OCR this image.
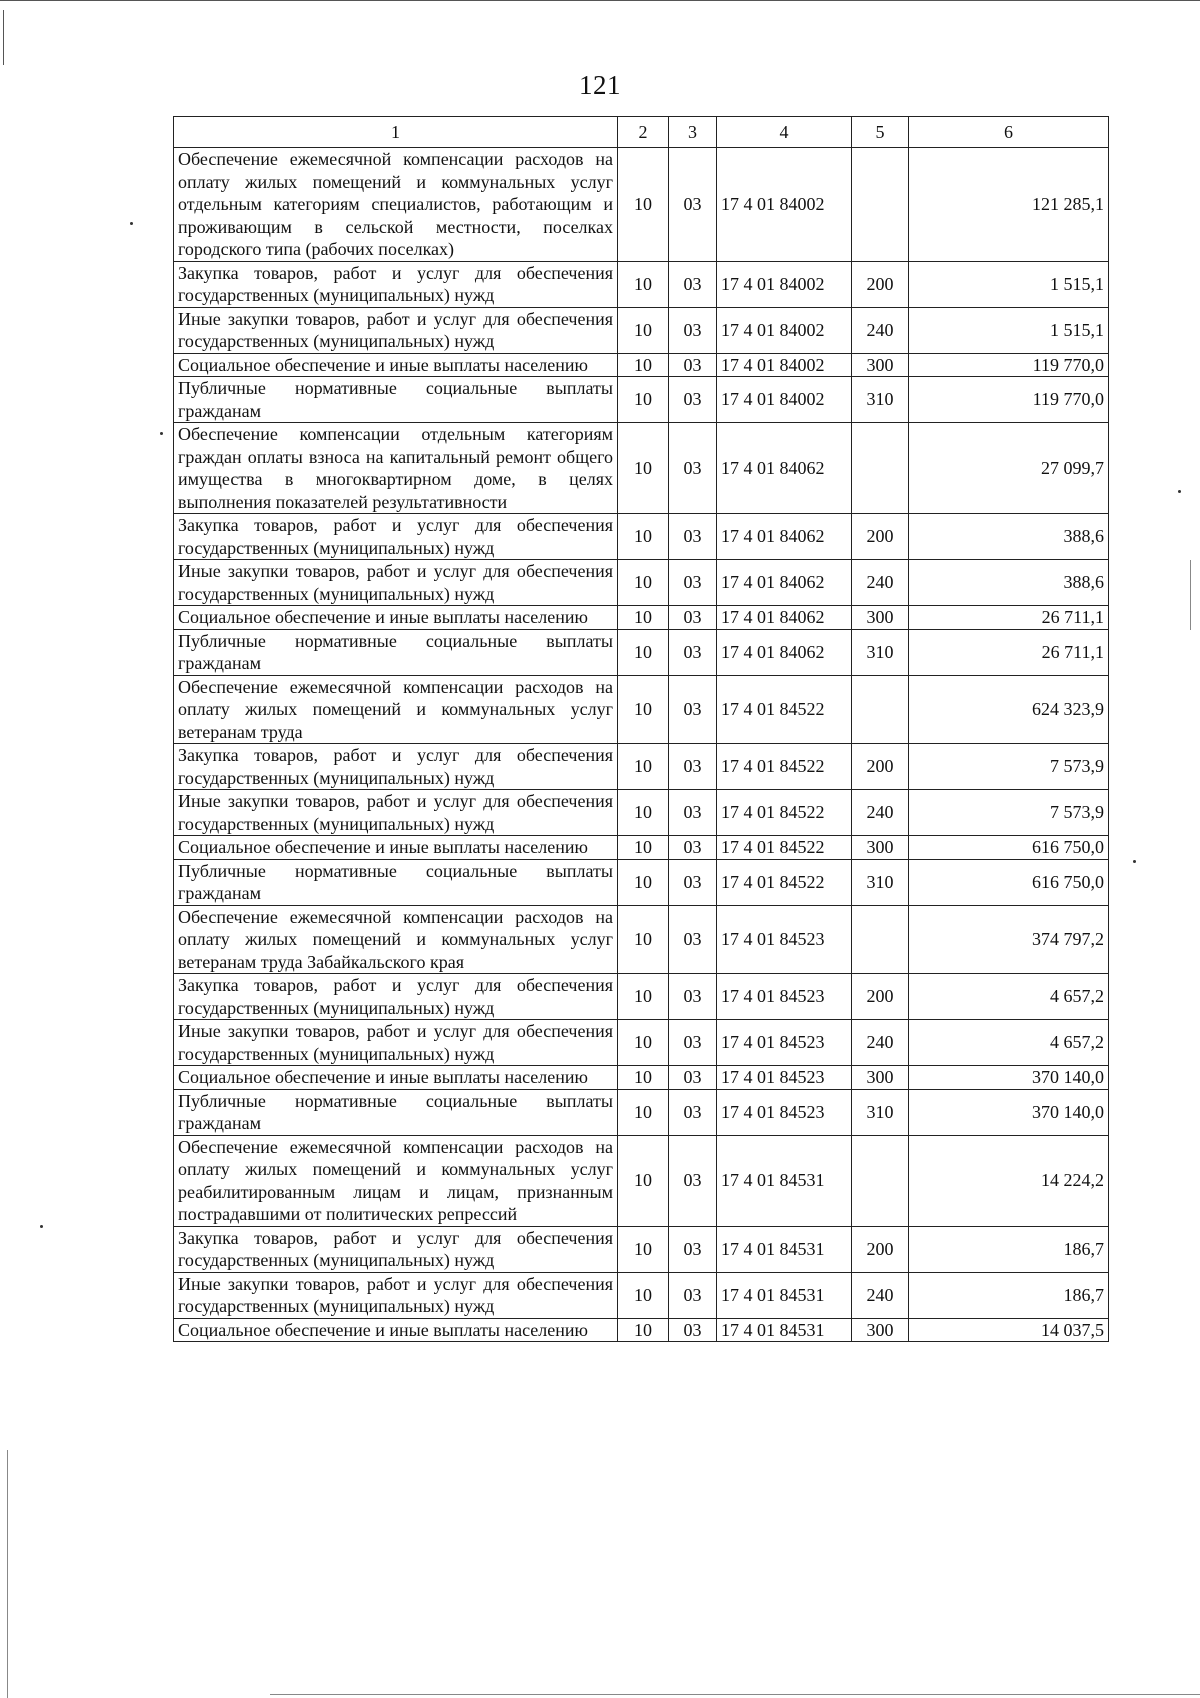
121
1	2	3	4	5	6
Обеспечение ежемесячной компенсации расходов на оплату жилых помещений и коммунальных услуг отдельным категориям специалистов, работающим и проживающим в сельской местности, поселках городского типа (рабочих поселках)	10	03	17 4 01 84002		121 285,1
Закупка товаров, работ и услуг для обеспечения государственных (муниципальных) нужд	10	03	17 4 01 84002	200	1 515,1
Иные закупки товаров, работ и услуг для обеспечения государственных (муниципальных) нужд	10	03	17 4 01 84002	240	1 515,1
Социальное обеспечение и иные выплаты населению	10	03	17 4 01 84002	300	119 770,0
Публичные нормативные социальные выплаты гражданам	10	03	17 4 01 84002	310	119 770,0
Обеспечение компенсации отдельным категориям граждан оплаты взноса на капитальный ремонт общего имущества в многоквартирном доме, в целях выполнения показателей результативности	10	03	17 4 01 84062		27 099,7
Закупка товаров, работ и услуг для обеспечения государственных (муниципальных) нужд	10	03	17 4 01 84062	200	388,6
Иные закупки товаров, работ и услуг для обеспечения государственных (муниципальных) нужд	10	03	17 4 01 84062	240	388,6
Социальное обеспечение и иные выплаты населению	10	03	17 4 01 84062	300	26 711,1
Публичные нормативные социальные выплаты гражданам	10	03	17 4 01 84062	310	26 711,1
Обеспечение ежемесячной компенсации расходов на оплату жилых помещений и коммунальных услуг ветеранам труда	10	03	17 4 01 84522		624 323,9
Закупка товаров, работ и услуг для обеспечения государственных (муниципальных) нужд	10	03	17 4 01 84522	200	7 573,9
Иные закупки товаров, работ и услуг для обеспечения государственных (муниципальных) нужд	10	03	17 4 01 84522	240	7 573,9
Социальное обеспечение и иные выплаты населению	10	03	17 4 01 84522	300	616 750,0
Публичные нормативные социальные выплаты гражданам	10	03	17 4 01 84522	310	616 750,0
Обеспечение ежемесячной компенсации расходов на оплату жилых помещений и коммунальных услуг ветеранам труда Забайкальского края	10	03	17 4 01 84523		374 797,2
Закупка товаров, работ и услуг для обеспечения государственных (муниципальных) нужд	10	03	17 4 01 84523	200	4 657,2
Иные закупки товаров, работ и услуг для обеспечения государственных (муниципальных) нужд	10	03	17 4 01 84523	240	4 657,2
Социальное обеспечение и иные выплаты населению	10	03	17 4 01 84523	300	370 140,0
Публичные нормативные социальные выплаты гражданам	10	03	17 4 01 84523	310	370 140,0
Обеспечение ежемесячной компенсации расходов на оплату жилых помещений и коммунальных услуг реабилитированным лицам и лицам, признанным пострадавшими от политических репрессий	10	03	17 4 01 84531		14 224,2
Закупка товаров, работ и услуг для обеспечения государственных (муниципальных) нужд	10	03	17 4 01 84531	200	186,7
Иные закупки товаров, работ и услуг для обеспечения государственных (муниципальных) нужд	10	03	17 4 01 84531	240	186,7
Социальное обеспечение и иные выплаты населению	10	03	17 4 01 84531	300	14 037,5
